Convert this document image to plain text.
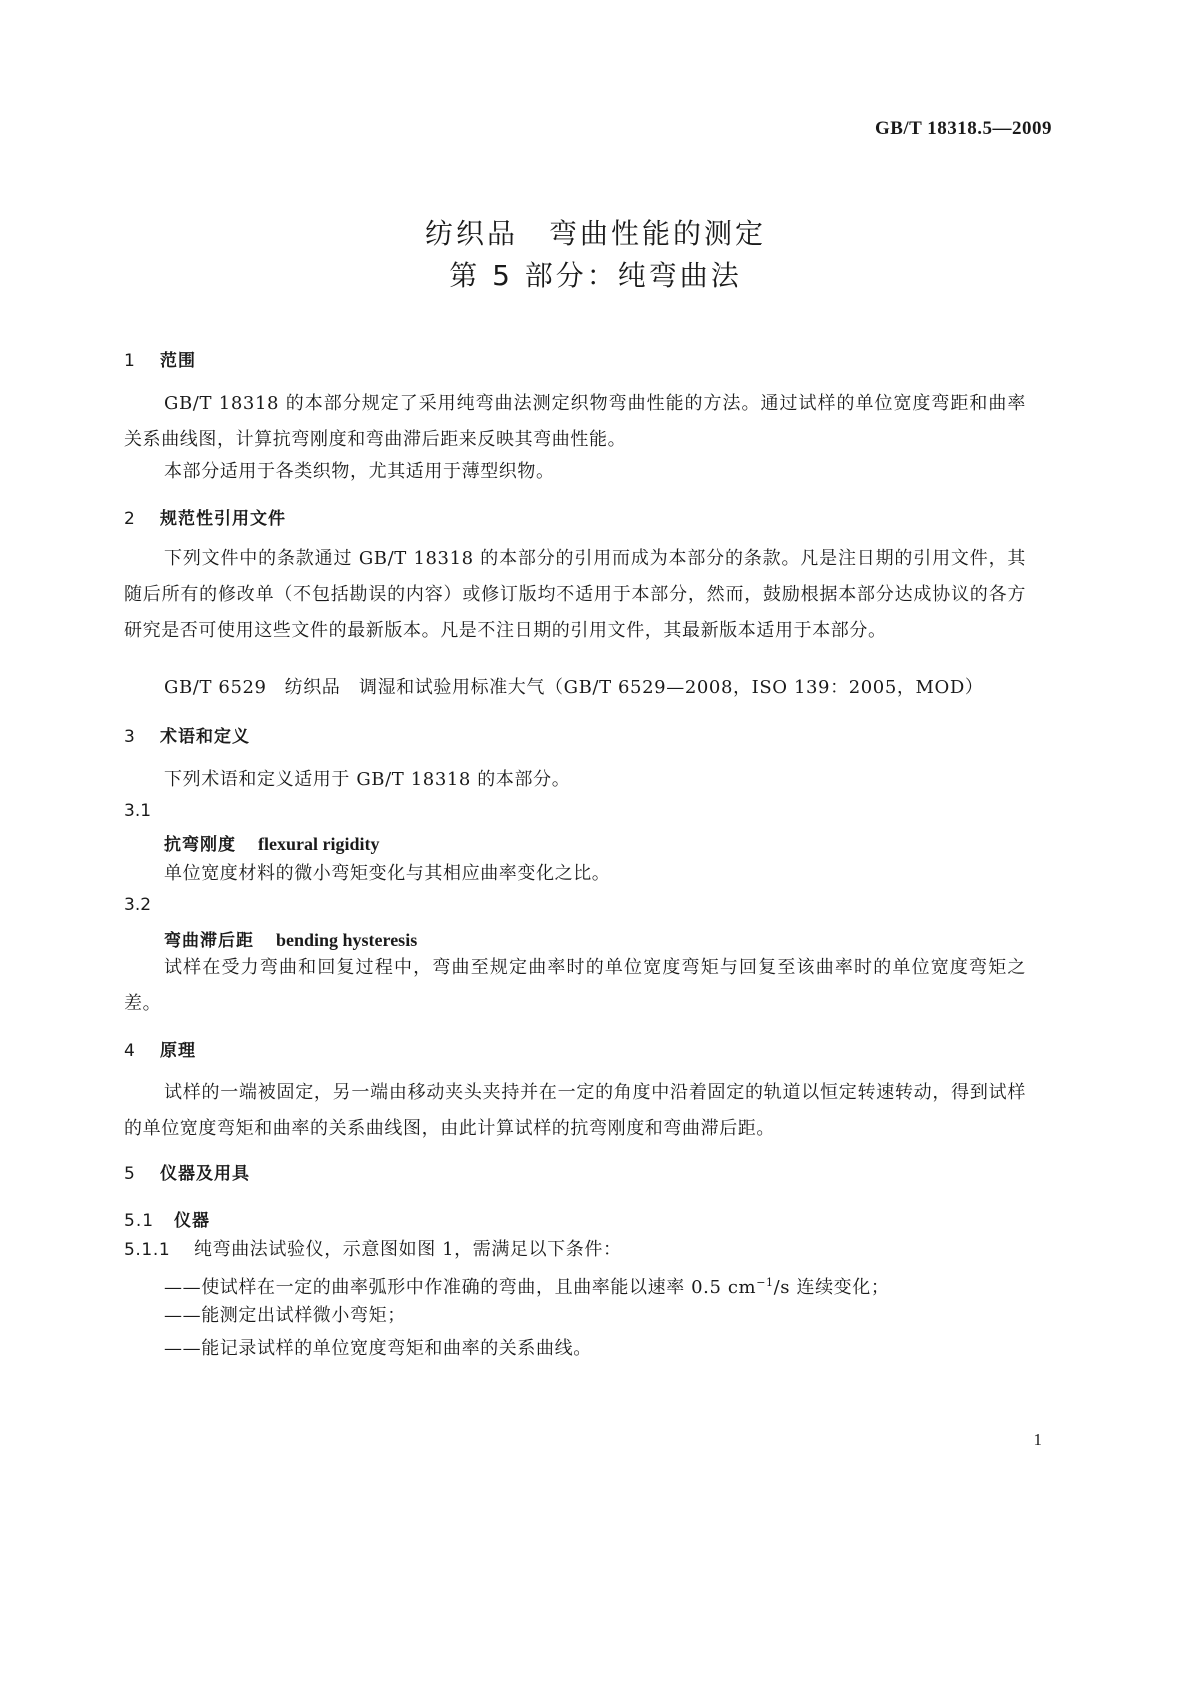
GB/T 18318.5—2009
纺织品　弯曲性能的测定
第 5 部分：纯弯曲法
1 范围
GB/T 18318 的本部分规定了采用纯弯曲法测定织物弯曲性能的方法。通过试样的单位宽度弯距和曲率关系曲线图，计算抗弯刚度和弯曲滞后距来反映其弯曲性能。
本部分适用于各类织物，尤其适用于薄型织物。
2 规范性引用文件
下列文件中的条款通过 GB/T 18318 的本部分的引用而成为本部分的条款。凡是注日期的引用文件，其随后所有的修改单（不包括勘误的内容）或修订版均不适用于本部分，然而，鼓励根据本部分达成协议的各方研究是否可使用这些文件的最新版本。凡是不注日期的引用文件，其最新版本适用于本部分。
GB/T 6529 纺织品　调湿和试验用标准大气（GB/T 6529—2008，ISO 139：2005，MOD）
3 术语和定义
下列术语和定义适用于 GB/T 18318 的本部分。
3.1
抗弯刚度 flexural rigidity
单位宽度材料的微小弯矩变化与其相应曲率变化之比。
3.2
弯曲滞后距 bending hysteresis
试样在受力弯曲和回复过程中，弯曲至规定曲率时的单位宽度弯矩与回复至该曲率时的单位宽度弯矩之差。
4 原理
试样的一端被固定，另一端由移动夹头夹持并在一定的角度中沿着固定的轨道以恒定转速转动，得到试样的单位宽度弯矩和曲率的关系曲线图，由此计算试样的抗弯刚度和弯曲滞后距。
5 仪器及用具
5.1 仪器
5.1.1 纯弯曲法试验仪，示意图如图 1，需满足以下条件：
——使试样在一定的曲率弧形中作准确的弯曲，且曲率能以速率 0.5 $cm^{-1}/s$ 连续变化；
——能测定出试样微小弯矩；
——能记录试样的单位宽度弯矩和曲率的关系曲线。
1
